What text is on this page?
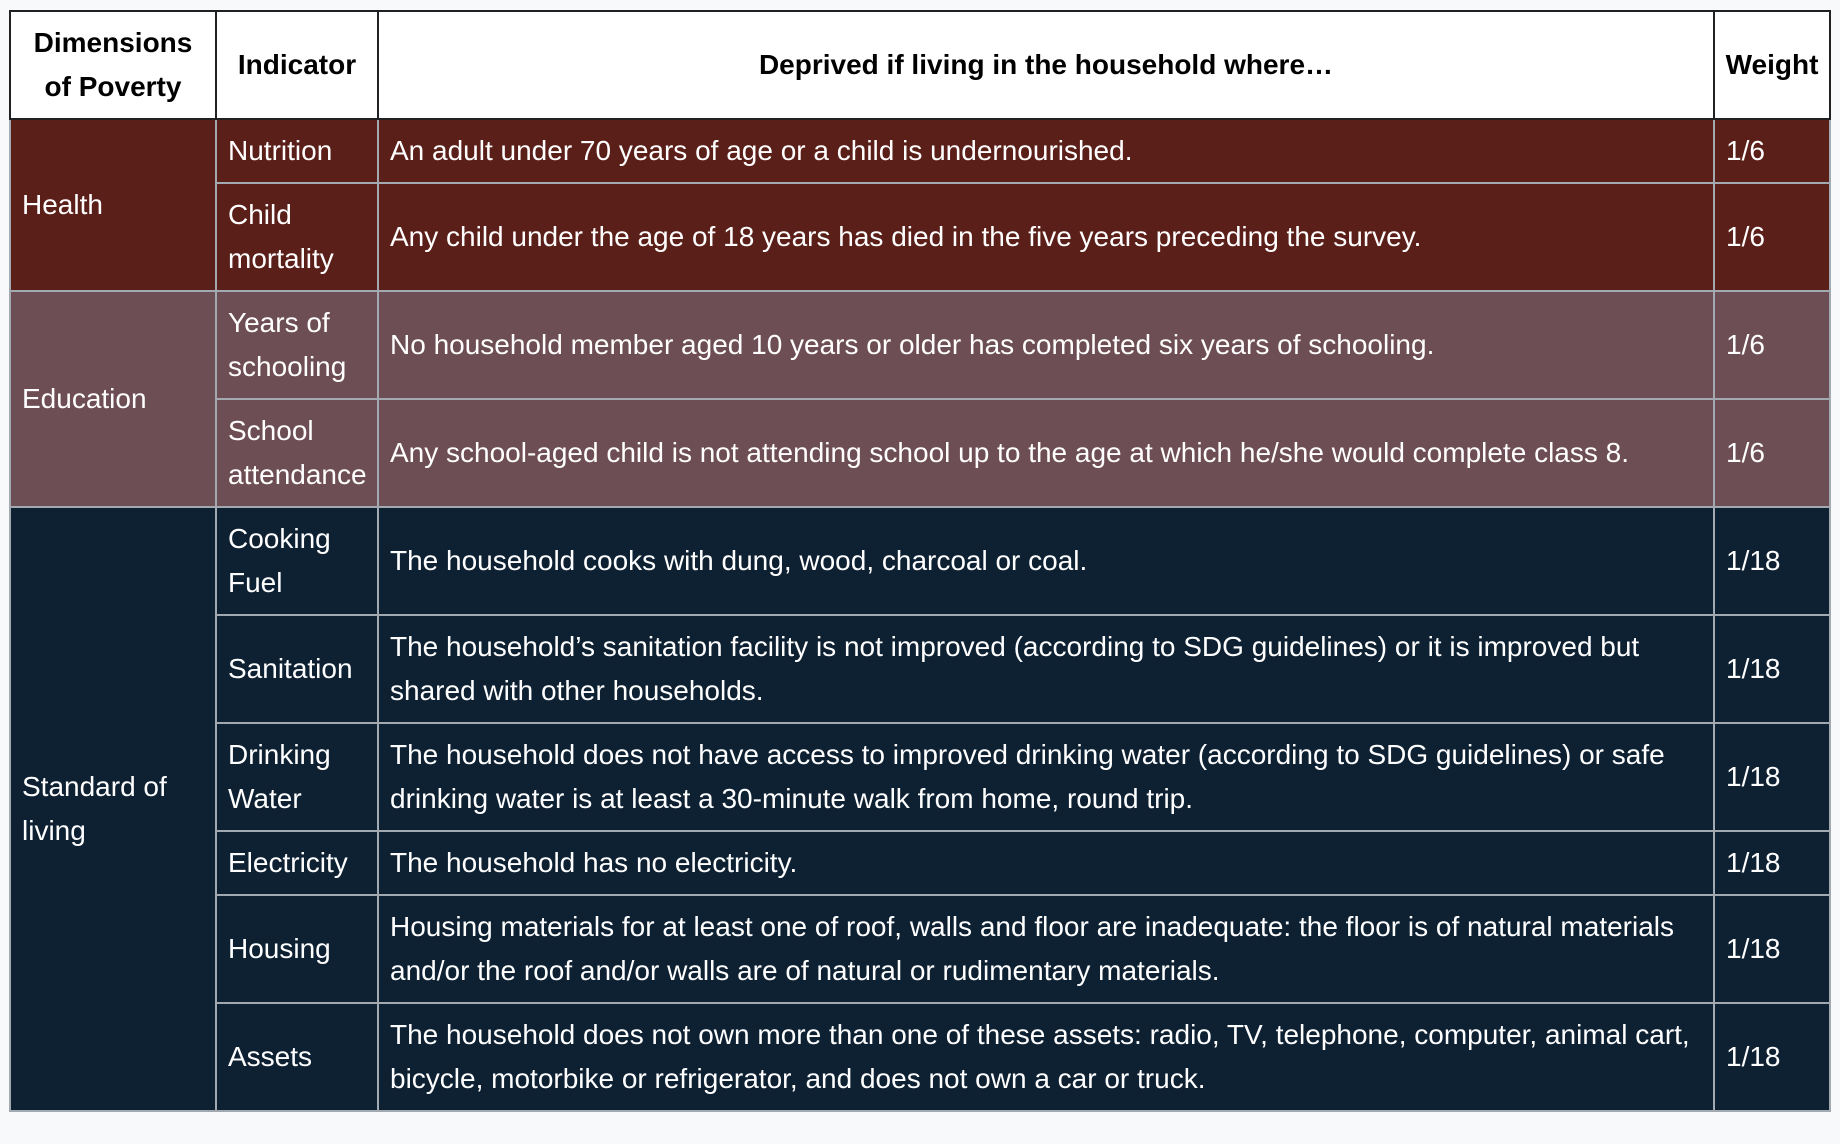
Dimensions of Poverty	Indicator	Deprived if living in the household where…	Weight
Health	Nutrition	An adult under 70 years of age or a child is undernourished.	1/6
	Child mortality	Any child under the age of 18 years has died in the five years preceding the survey.	1/6
Education	Years of schooling	No household member aged 10 years or older has completed six years of schooling.	1/6
	School attendance	Any school-aged child is not attending school up to the age at which he/she would complete class 8.	1/6
Standard of living	Cooking Fuel	The household cooks with dung, wood, charcoal or coal.	1/18
	Sanitation	The household’s sanitation facility is not improved (according to SDG guidelines) or it is improved but shared with other households.	1/18
	Drinking Water	The household does not have access to improved drinking water (according to SDG guidelines) or safe drinking water is at least a 30-minute walk from home, round trip.	1/18
	Electricity	The household has no electricity.	1/18
	Housing	Housing materials for at least one of roof, walls and floor are inadequate: the floor is of natural materials and/or the roof and/or walls are of natural or rudimentary materials.	1/18
	Assets	The household does not own more than one of these assets: radio, TV, telephone, computer, animal cart, bicycle, motorbike or refrigerator, and does not own a car or truck.	1/18
